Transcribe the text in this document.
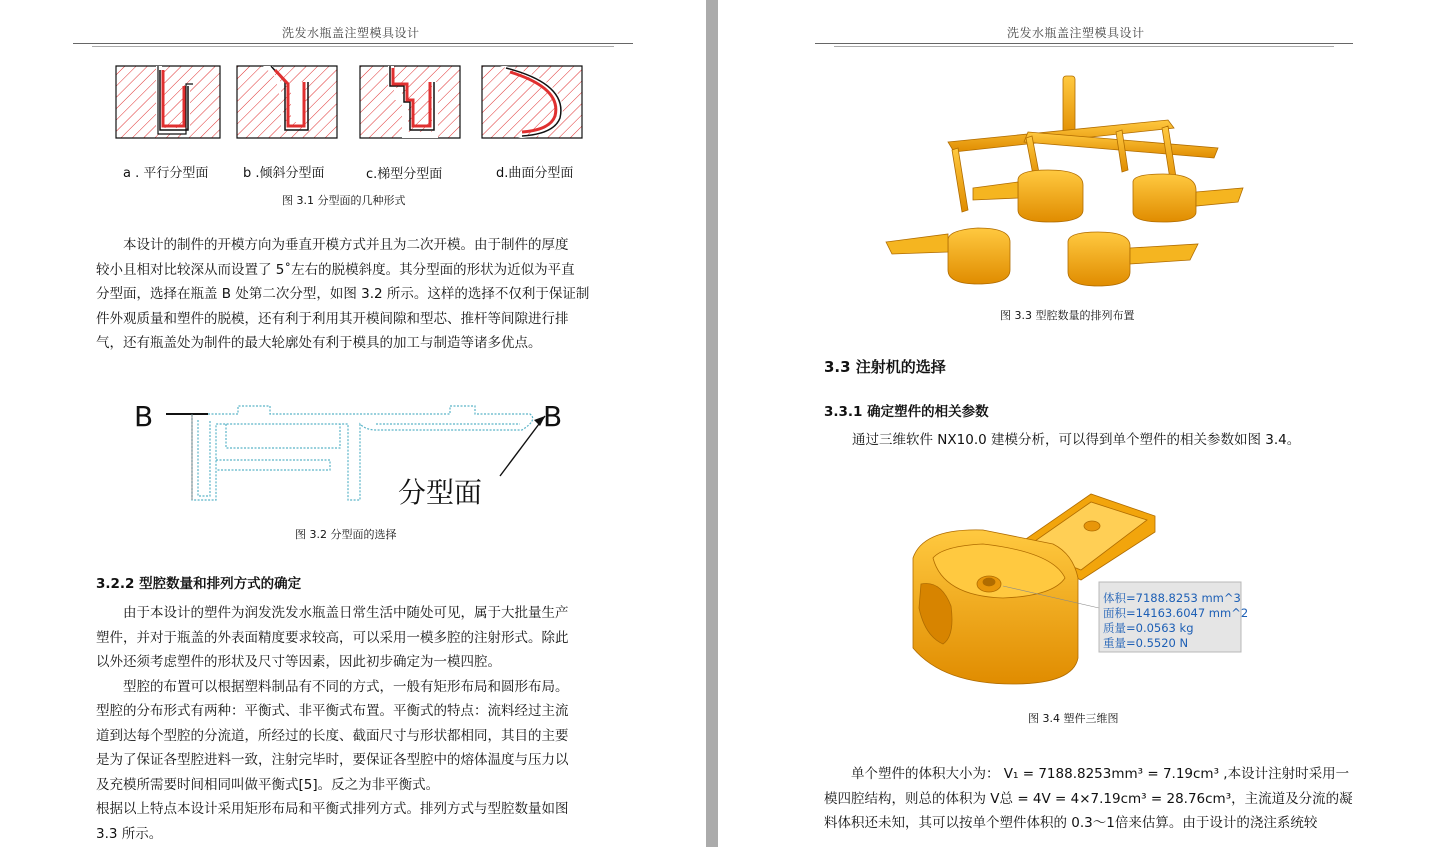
洗发水瓶盖注塑模具设计
a . 平行分型面	b .倾斜分型面	c.梯型分型面	d.曲面分型面
图 3.1 分型面的几种形式

本设计的制件的开模方向为垂直开模方式并且为二次开模。由于制件的厚度

较小且相对比较深从而设置了 5˚左右的脱模斜度。其分型面的形状为近似为平直

分型面，选择在瓶盖 B 处第二次分型，如图 3.2 所示。这样的选择不仅利于保证制

件外观质量和塑件的脱模，还有利于利用其开模间隙和型芯、推杆等间隙进行排

气，还有瓶盖处为制件的最大轮廓处有利于模具的加工与制造等诸多优点。

B	B
分型面
图 3.2 分型面的选择
3.2.2 型腔数量和排列方式的确定

由于本设计的塑件为润发洗发水瓶盖日常生活中随处可见，属于大批量生产

塑件，并对于瓶盖的外表面精度要求较高，可以采用一模多腔的注射形式。除此

以外还须考虑塑件的形状及尺寸等因素，因此初步确定为一模四腔。

型腔的布置可以根据塑料制品有不同的方式，一般有矩形布局和圆形布局。

型腔的分布形式有两种：平衡式、非平衡式布置。平衡式的特点：流料经过主流

道到达每个型腔的分流道，所经过的长度、截面尺寸与形状都相同，其目的主要

是为了保证各型腔进料一致，注射完毕时，要保证各型腔中的熔体温度与压力以

及充模所需要时间相同叫做平衡式[5]。反之为非平衡式。

根据以上特点本设计采用矩形布局和平衡式排列方式。排列方式与型腔数量如图

3.3 所示。

洗发水瓶盖注塑模具设计
图 3.3 型腔数量的排列布置
3.3 注射机的选择
3.3.1 确定塑件的相关参数
通过三维软件 NX10.0 建模分析，可以得到单个塑件的相关参数如图 3.4。
体积=7188.8253 mm^3
面积=14163.6047 mm^2
质量=0.0563 kg
重量=0.5520 N
图 3.4 塑件三维图

单个塑件的体积大小为： V₁ = 7188.8253mm³ = 7.19cm³ ,本设计注射时采用一

模四腔结构，则总的体积为 V总 = 4V = 4×7.19cm³ = 28.76cm³，主流道及分流的凝

料体积还未知，其可以按单个塑件体积的 0.3～1倍来估算。由于设计的浇注系统较
